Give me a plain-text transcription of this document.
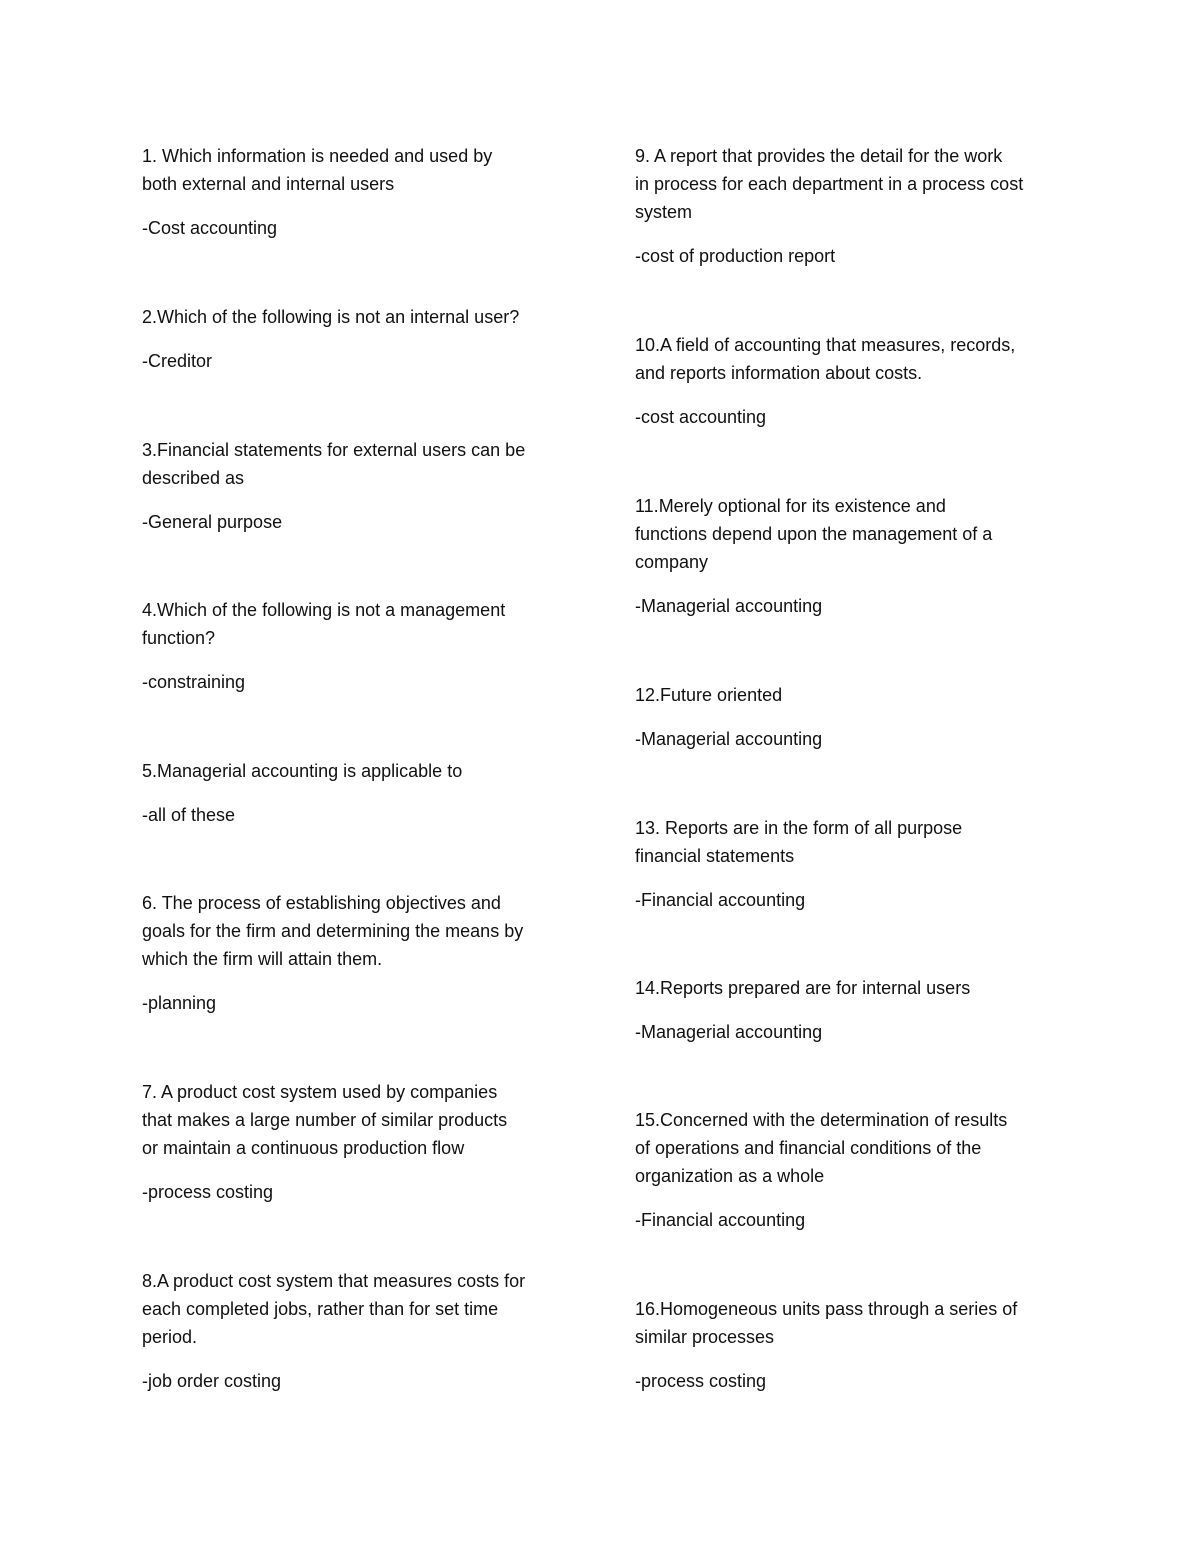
1. Which information is needed and used by
both external and internal users

-Cost accounting

2.Which of the following is not an internal user?

-Creditor

3.Financial statements for external users can be
described as

-General purpose

4.Which of the following is not a management
function?

-constraining

5.Managerial accounting is applicable to

-all of these

6. The process of establishing objectives and
goals for the firm and determining the means by
which the firm will attain them.

-planning

7. A product cost system used by companies
that makes a large number of similar products
or maintain a continuous production flow

-process costing

8.A product cost system that measures costs for
each completed jobs, rather than for set time
period.

-job order costing

9. A report that provides the detail for the work
in process for each department in a process cost
system

-cost of production report

10.A field of accounting that measures, records,
and reports information about costs.

-cost accounting

11.Merely optional for its existence and
functions depend upon the management of a
company

-Managerial accounting

12.Future oriented

-Managerial accounting

13. Reports are in the form of all purpose
financial statements

-Financial accounting

14.Reports prepared are for internal users

-Managerial accounting

15.Concerned with the determination of results
of operations and financial conditions of the
organization as a whole

-Financial accounting

16.Homogeneous units pass through a series of
similar processes

-process costing
